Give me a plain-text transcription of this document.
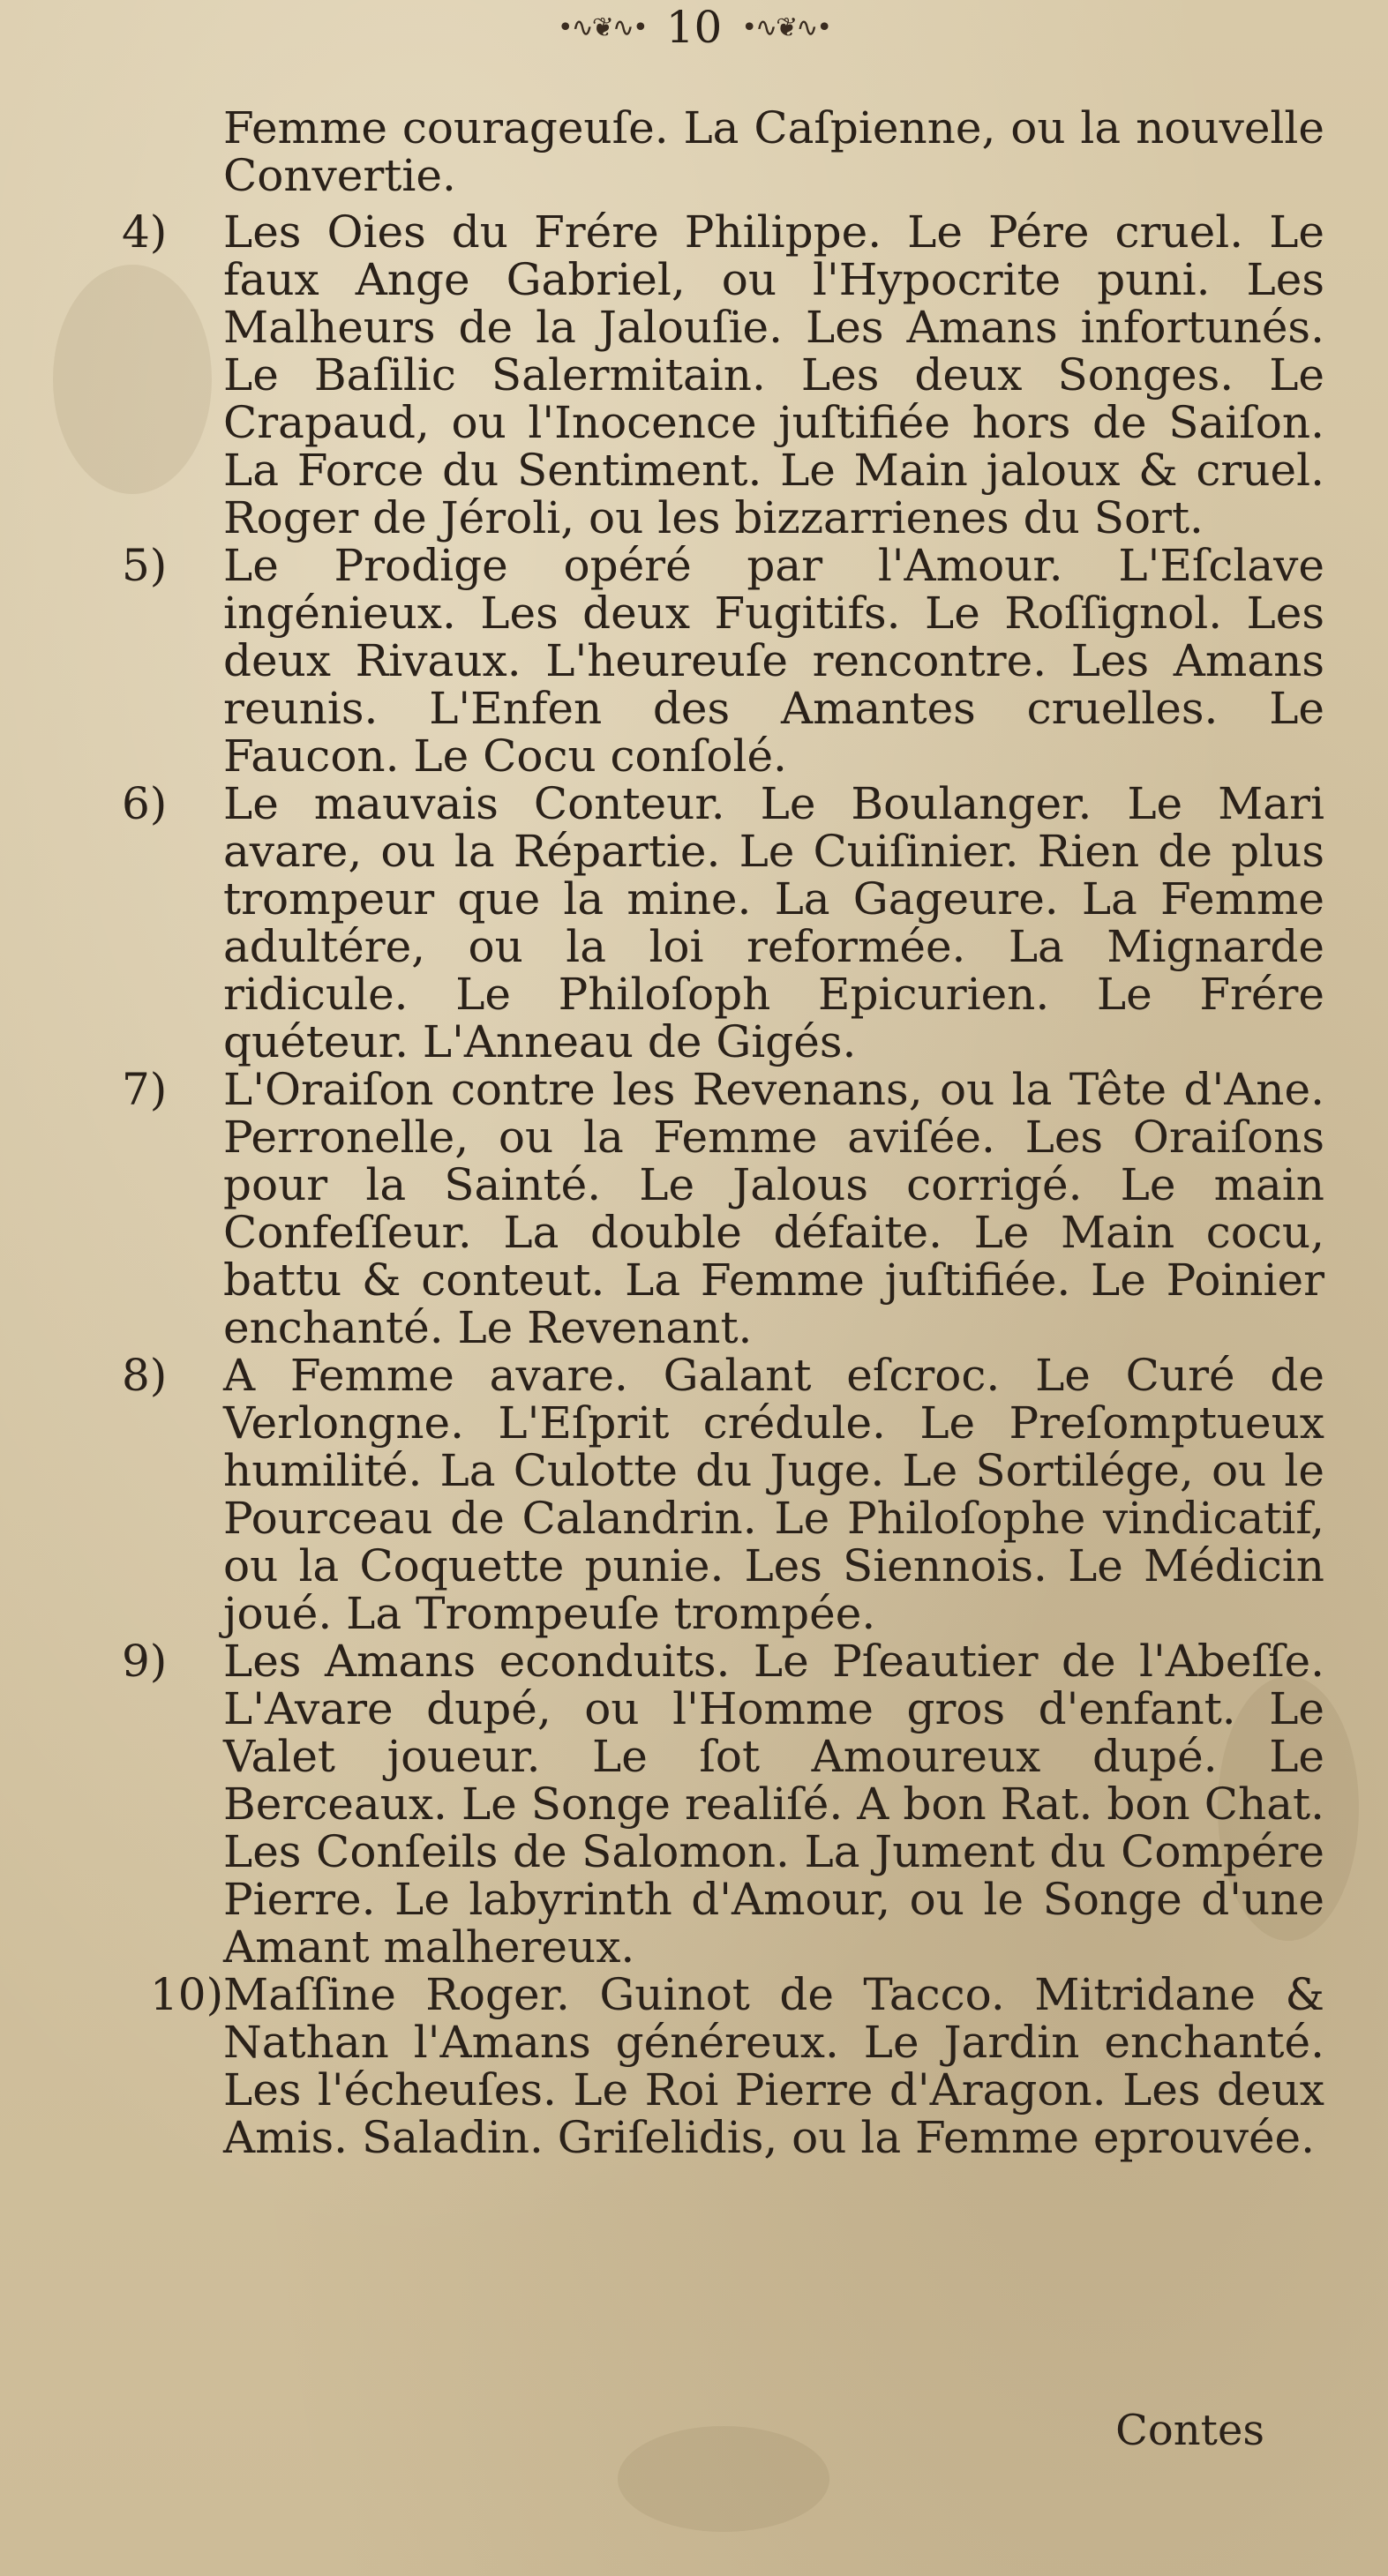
•∿❦∿• 10 •∿❦∿•
Femme courageuſe. La Caſpienne, ou la nouvelle Convertie.
4) Les Oies du Frére Philippe. Le Pére cruel. Le faux Ange Gabriel, ou l'Hypocrite puni. Les Malheurs de la Jalouſie. Les Amans infortunés. Le Baſilic Salermitain. Les deux Songes. Le Crapaud, ou l'Inocence juſtifiée hors de Saiſon. La Force du Sentiment. Le Main jaloux & cruel. Roger de Jéroli, ou les bizzarrienes du Sort.
5) Le Prodige opéré par l'Amour. L'Eſclave ingénieux. Les deux Fugitifs. Le Roſſignol. Les deux Rivaux. L'heureuſe rencontre. Les Amans reunis. L'Enfen des Amantes cruelles. Le Faucon. Le Cocu conſolé.
6) Le mauvais Conteur. Le Boulanger. Le Mari avare, ou la Répartie. Le Cuiſinier. Rien de plus trompeur que la mine. La Gageure. La Femme adultére, ou la loi reformée. La Mignarde ridicule. Le Philoſoph Epicurien. Le Frére quéteur. L'Anneau de Gigés.
7) L'Oraiſon contre les Revenans, ou la Tête d'Ane. Perronelle, ou la Femme aviſée. Les Oraiſons pour la Sainté. Le Jalous corrigé. Le main Confeſſeur. La double défaite. Le Main cocu, battu & conteut. La Femme juſtifiée. Le Poinier enchanté. Le Revenant.
8) A Femme avare. Galant eſcroc. Le Curé de Verlongne. L'Eſprit crédule. Le Preſomptueux humilité. La Culotte du Juge. Le Sortilége, ou le Pourceau de Calandrin. Le Philoſophe vindicatif, ou la Coquette punie. Les Siennois. Le Médicin joué. La Trompeuſe trompée.
9) Les Amans econduits. Le Pſeautier de l'Abeſſe. L'Avare dupé, ou l'Homme gros d'enfant. Le Valet joueur. Le ſot Amoureux dupé. Le Berceaux. Le Songe realiſé. A bon Rat. bon Chat. Les Conſeils de Salomon. La Jument du Compére Pierre. Le labyrinth d'Amour, ou le Songe d'une Amant malhereux.
10) Maſſine Roger. Guinot de Tacco. Mitridane & Nathan l'Amans généreux. Le Jardin enchanté. Les l'écheuſes. Le Roi Pierre d'Aragon. Les deux Amis. Saladin. Griſelidis, ou la Femme eprouvée.
Contes
